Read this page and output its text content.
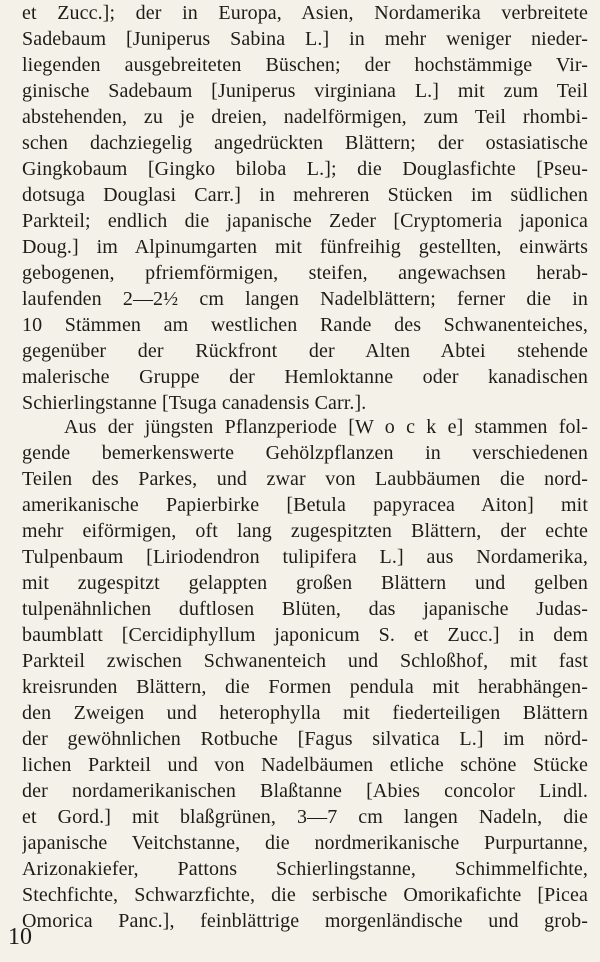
et Zucc.]; der in Europa, Asien, Nordamerika verbreitete
Sadebaum [Juniperus Sabina L.] in mehr weniger nieder-
liegenden ausgebreiteten Büschen; der hochstämmige Vir-
ginische Sadebaum [Juniperus virginiana L.] mit zum Teil
abstehenden, zu je dreien, nadelförmigen, zum Teil rhombi-
schen dachziegelig angedrückten Blättern; der ostasiatische
Gingkobaum [Gingko biloba L.]; die Douglasfichte [Pseu-
dotsuga Douglasi Carr.] in mehreren Stücken im südlichen
Parkteil; endlich die japanische Zeder [Cryptomeria japonica
Doug.] im Alpinumgarten mit fünfreihig gestellten, einwärts
gebogenen, pfriemförmigen, steifen, angewachsen herab-
laufenden 2—2½ cm langen Nadelblättern; ferner die in
10 Stämmen am westlichen Rande des Schwanenteiches,
gegenüber der Rückfront der Alten Abtei stehende
malerische Gruppe der Hemloktanne oder kanadischen
Schierlingstanne [Tsuga canadensis Carr.].
Aus der jüngsten Pflanzperiode [W o c k e] stammen fol-
gende bemerkenswerte Gehölzpflanzen in verschiedenen
Teilen des Parkes, und zwar von Laubbäumen die nord-
amerikanische Papierbirke [Betula papyracea Aiton] mit
mehr eiförmigen, oft lang zugespitzten Blättern, der echte
Tulpenbaum [Liriodendron tulipifera L.] aus Nordamerika,
mit zugespitzt gelappten großen Blättern und gelben
tulpenähnlichen duftlosen Blüten, das japanische Judas-
baumblatt [Cercidiphyllum japonicum S. et Zucc.] in dem
Parkteil zwischen Schwanenteich und Schloßhof, mit fast
kreisrunden Blättern, die Formen pendula mit herabhängen-
den Zweigen und heterophylla mit fiederteiligen Blättern
der gewöhnlichen Rotbuche [Fagus silvatica L.] im nörd-
lichen Parkteil und von Nadelbäumen etliche schöne Stücke
der nordamerikanischen Blaßtanne [Abies concolor Lindl.
et Gord.] mit blaßgrünen, 3—7 cm langen Nadeln, die
japanische Veitchstanne, die nordmerikanische Purpurtanne,
Arizonakiefer, Pattons Schierlingstanne, Schimmelfichte,
Stechfichte, Schwarzfichte, die serbische Omorikafichte [Picea
Omorica Panc.], feinblättrige morgenländische und grob-
10
